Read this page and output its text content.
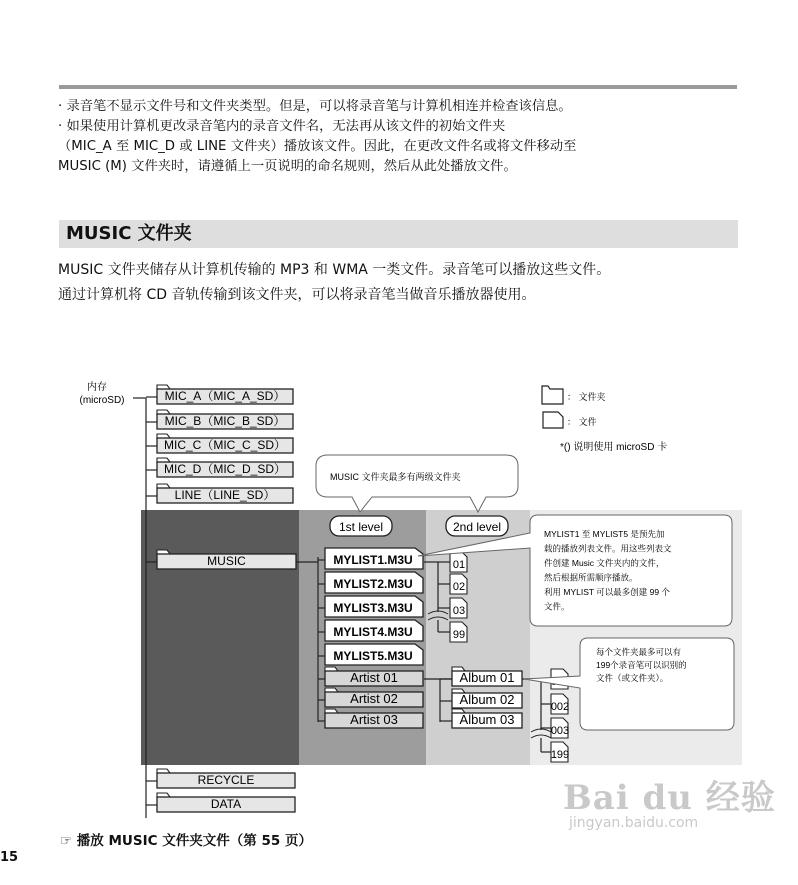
· 录音笔不显示文件号和文件夹类型。但是，可以将录音笔与计算机相连并检查该信息。
· 如果使用计算机更改录音笔内的录音文件名，无法再从该文件的初始文件夹
（MIC_A 至 MIC_D 或 LINE 文件夹）播放该文件。因此，在更改文件名或将文件移动至
MUSIC (M) 文件夹时，请遵循上一页说明的命名规则，然后从此处播放文件。
MUSIC 文件夹
MUSIC 文件夹储存从计算机传输的 MP3 和 WMA 一类文件。录音笔可以播放这些文件。
通过计算机将 CD 音轨传输到该文件夹，可以将录音笔当做音乐播放器使用。
内存
(microSD)	MIC_A（MIC_A_SD）
MIC_B（MIC_B_SD）
MIC_C（MIC_C_SD）
MIC_D（MIC_D_SD）
LINE（LINE_SD）
MUSIC
RECYCLE
DATA
1st level	2nd level
MUSIC 文件夹最多有两级文件夹
MYLIST1.M3U
MYLIST2.M3U
MYLIST3.M3U
MYLIST4.M3U
MYLIST5.M3U
Artist 01
Artist 02
Artist 03
01
02
03
99
Album 01
Album 02
Album 03
002
003
199
： 文件夹
： 文件
*() 说明使用 microSD 卡
MYLIST1 至 MYLIST5 是预先加
载的播放列表文件。用这些列表文
件创建 Music 文件夹内的文件，
然后根据所需顺序播放。
利用 MYLIST 可以最多创建 99 个
文件。
每个文件夹最多可以有
199个录音笔可以识别的
文件（或文件夹）。
☞ 播放 MUSIC 文件夹文件（第 55 页）
15
Bai du 经验
jingyan.baidu.com
